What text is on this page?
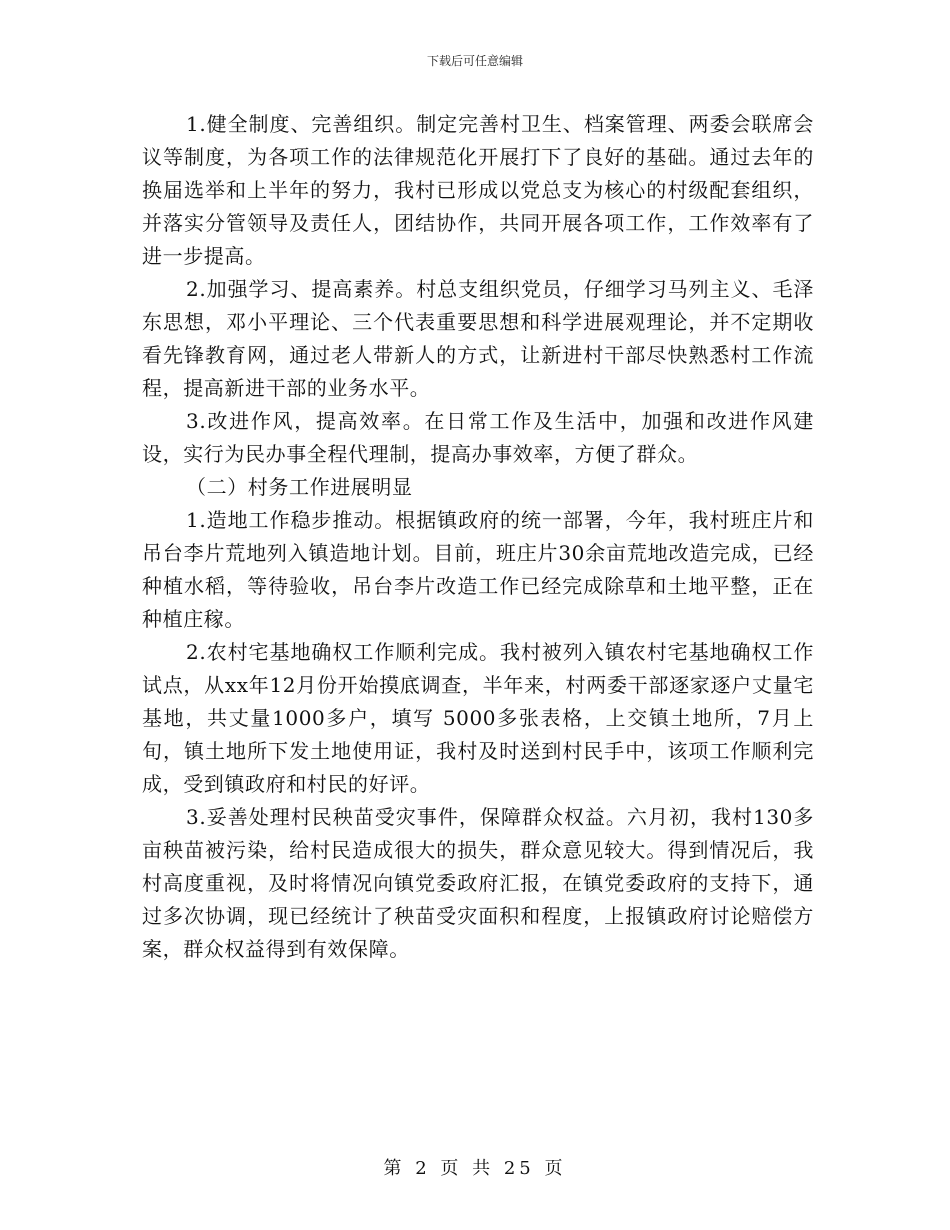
下载后可任意编辑

1.健全制度、完善组织。制定完善村卫生、档案管理、两委会联席会议等制度，为各项工作的法律规范化开展打下了良好的基础。通过去年的换届选举和上半年的努力，我村已形成以党总支为核心的村级配套组织，并落实分管领导及责任人，团结协作，共同开展各项工作，工作效率有了进一步提高。

2.加强学习、提高素养。村总支组织党员，仔细学习马列主义、毛泽东思想，邓小平理论、三个代表重要思想和科学进展观理论，并不定期收看先锋教育网，通过老人带新人的方式，让新进村干部尽快熟悉村工作流程，提高新进干部的业务水平。

3.改进作风，提高效率。在日常工作及生活中，加强和改进作风建设，实行为民办事全程代理制，提高办事效率，方便了群众。

（二）村务工作进展明显

1.造地工作稳步推动。根据镇政府的统一部署，今年，我村班庄片和吊台李片荒地列入镇造地计划。目前，班庄片30余亩荒地改造完成，已经种植水稻，等待验收，吊台李片改造工作已经完成除草和土地平整，正在种植庄稼。

2.农村宅基地确权工作顺利完成。我村被列入镇农村宅基地确权工作试点，从xx年12月份开始摸底调查，半年来，村两委干部逐家逐户丈量宅基地，共丈量1000多户，填写 5000多张表格，上交镇土地所，7月上旬，镇土地所下发土地使用证，我村及时送到村民手中，该项工作顺利完成，受到镇政府和村民的好评。

3.妥善处理村民秧苗受灾事件，保障群众权益。六月初，我村130多亩秧苗被污染，给村民造成很大的损失，群众意见较大。得到情况后，我村高度重视，及时将情况向镇党委政府汇报，在镇党委政府的支持下，通过多次协调，现已经统计了秧苗受灾面积和程度，上报镇政府讨论赔偿方案，群众权益得到有效保障。

第 2 页 共 25 页
